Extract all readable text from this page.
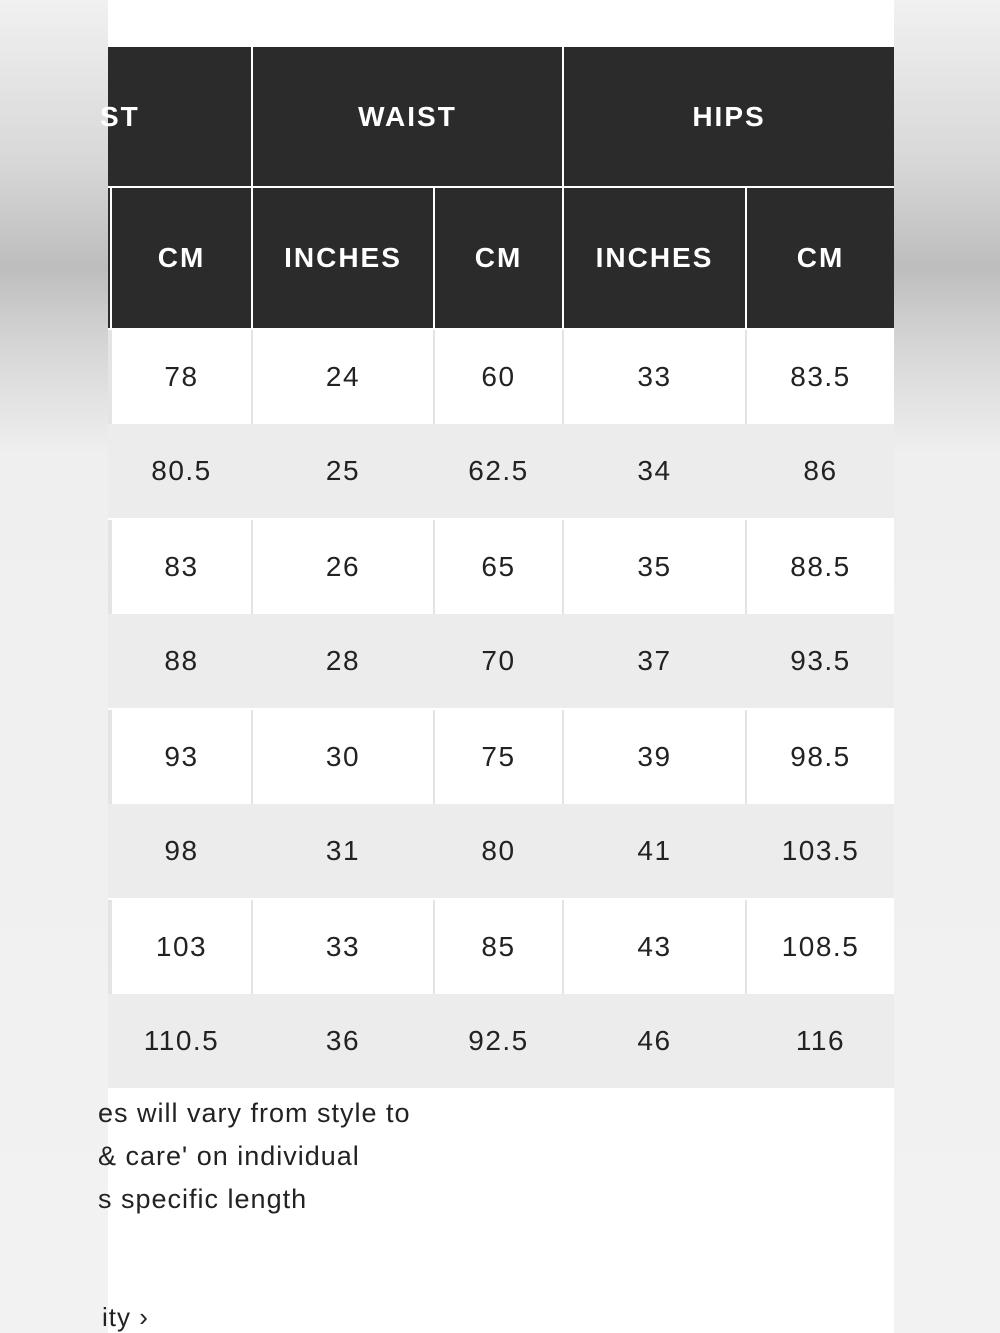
ST	WAIST	HIPS
CM	INCHES	CM	INCHES	CM
78	24	60	33	83.5
80.5	25	62.5	34	86
83	26	65	35	88.5
88	28	70	37	93.5
93	30	75	39	98.5
98	31	80	41	103.5
103	33	85	43	108.5
110.5	36	92.5	46	116
es will vary from style to
& care' on individual
s specific length
ity ›
